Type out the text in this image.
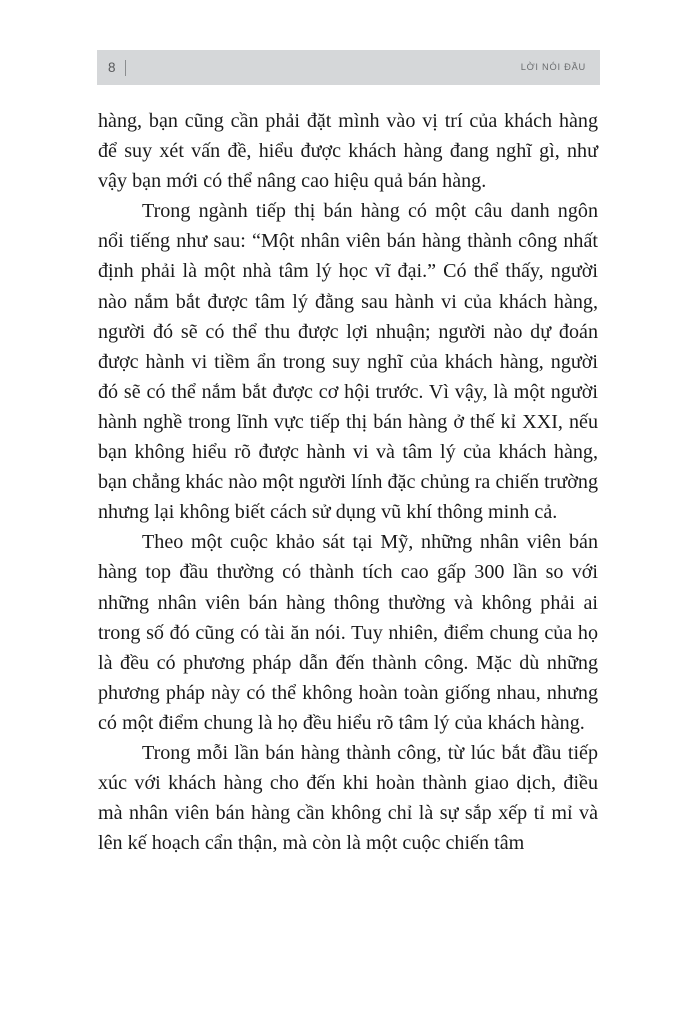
8	LỜI NÓI ĐẦU

hàng, bạn cũng cần phải đặt mình vào vị trí của khách hàng để suy xét vấn đề, hiểu được khách hàng đang nghĩ gì, như vậy bạn mới có thể nâng cao hiệu quả bán hàng.

Trong ngành tiếp thị bán hàng có một câu danh ngôn nổi tiếng như sau: “Một nhân viên bán hàng thành công nhất định phải là một nhà tâm lý học vĩ đại.” Có thể thấy, người nào nắm bắt được tâm lý đằng sau hành vi của khách hàng, người đó sẽ có thể thu được lợi nhuận; người nào dự đoán được hành vi tiềm ẩn trong suy nghĩ của khách hàng, người đó sẽ có thể nắm bắt được cơ hội trước. Vì vậy, là một người hành nghề trong lĩnh vực tiếp thị bán hàng ở thế kỉ XXI, nếu bạn không hiểu rõ được hành vi và tâm lý của khách hàng, bạn chẳng khác nào một người lính đặc chủng ra chiến trường nhưng lại không biết cách sử dụng vũ khí thông minh cả.

Theo một cuộc khảo sát tại Mỹ, những nhân viên bán hàng top đầu thường có thành tích cao gấp 300 lần so với những nhân viên bán hàng thông thường và không phải ai trong số đó cũng có tài ăn nói. Tuy nhiên, điểm chung của họ là đều có phương pháp dẫn đến thành công. Mặc dù những phương pháp này có thể không hoàn toàn giống nhau, nhưng có một điểm chung là họ đều hiểu rõ tâm lý của khách hàng.

Trong mỗi lần bán hàng thành công, từ lúc bắt đầu tiếp xúc với khách hàng cho đến khi hoàn thành giao dịch, điều mà nhân viên bán hàng cần không chỉ là sự sắp xếp tỉ mỉ và lên kế hoạch cẩn thận, mà còn là một cuộc chiến tâm
